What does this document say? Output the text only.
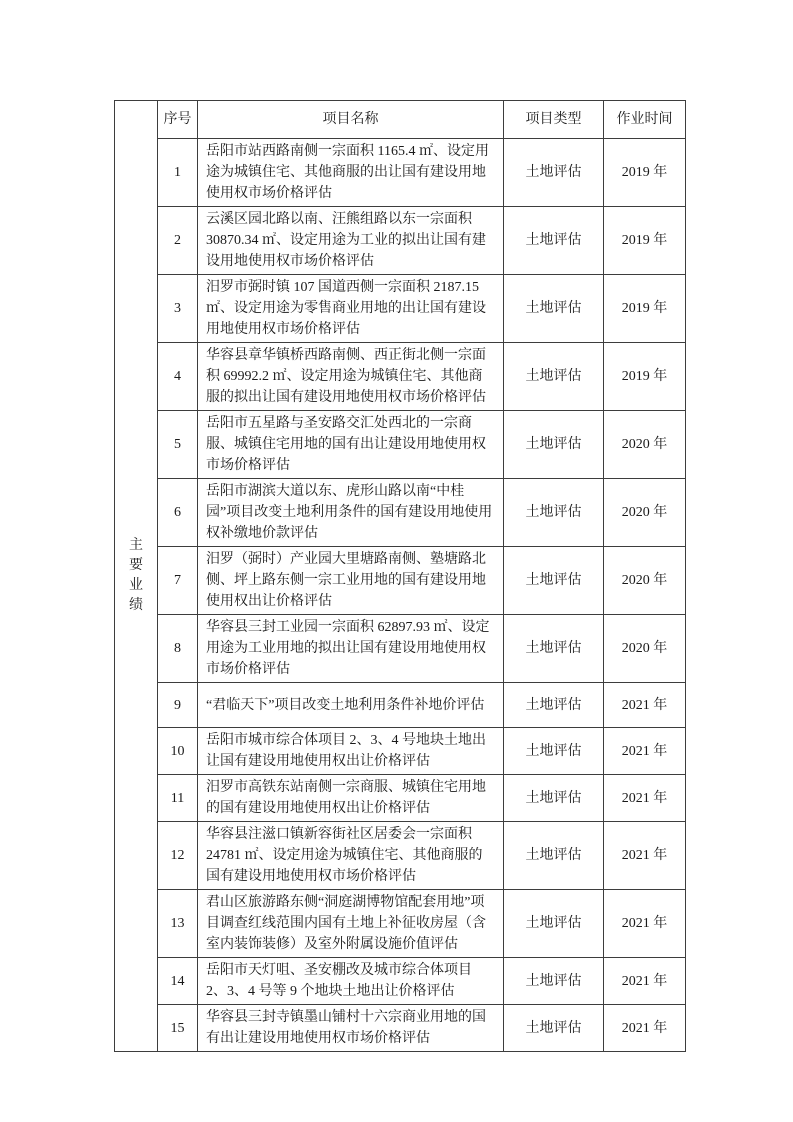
主
要
业
绩	序号	项目名称	项目类型	作业时间
	1	岳阳市站西路南侧一宗面积 1165.4 ㎡、设定用途为城镇住宅、其他商服的出让国有建设用地使用权市场价格评估	土地评估	2019 年
	2	云溪区园北路以南、汪熊组路以东一宗面积 30870.34 ㎡、设定用途为工业的拟出让国有建设用地使用权市场价格评估	土地评估	2019 年
	3	汨罗市弼时镇 107 国道西侧一宗面积 2187.15 ㎡、设定用途为零售商业用地的出让国有建设用地使用权市场价格评估	土地评估	2019 年
	4	华容县章华镇桥西路南侧、西正街北侧一宗面积 69992.2 ㎡、设定用途为城镇住宅、其他商服的拟出让国有建设用地使用权市场价格评估	土地评估	2019 年
	5	岳阳市五星路与圣安路交汇处西北的一宗商服、城镇住宅用地的国有出让建设用地使用权市场价格评估	土地评估	2020 年
	6	岳阳市湖滨大道以东、虎形山路以南“中桂园”项目改变土地利用条件的国有建设用地使用权补缴地价款评估	土地评估	2020 年
	7	汨罗（弼时）产业园大里塘路南侧、塾塘路北侧、坪上路东侧一宗工业用地的国有建设用地使用权出让价格评估	土地评估	2020 年
	8	华容县三封工业园一宗面积 62897.93 ㎡、设定用途为工业用地的拟出让国有建设用地使用权市场价格评估	土地评估	2020 年
	9	“君临天下”项目改变土地利用条件补地价评估	土地评估	2021 年
	10	岳阳市城市综合体项目 2、3、4 号地块土地出让国有建设用地使用权出让价格评估	土地评估	2021 年
	11	汨罗市高铁东站南侧一宗商服、城镇住宅用地的国有建设用地使用权出让价格评估	土地评估	2021 年
	12	华容县注滋口镇新容街社区居委会一宗面积 24781 ㎡、设定用途为城镇住宅、其他商服的国有建设用地使用权市场价格评估	土地评估	2021 年
	13	君山区旅游路东侧“洞庭湖博物馆配套用地”项目调查红线范围内国有土地上补征收房屋（含室内装饰装修）及室外附属设施价值评估	土地评估	2021 年
	14	岳阳市天灯咀、圣安棚改及城市综合体项目 2、3、4 号等 9 个地块土地出让价格评估	土地评估	2021 年
	15	华容县三封寺镇墨山铺村十六宗商业用地的国有出让建设用地使用权市场价格评估	土地评估	2021 年
